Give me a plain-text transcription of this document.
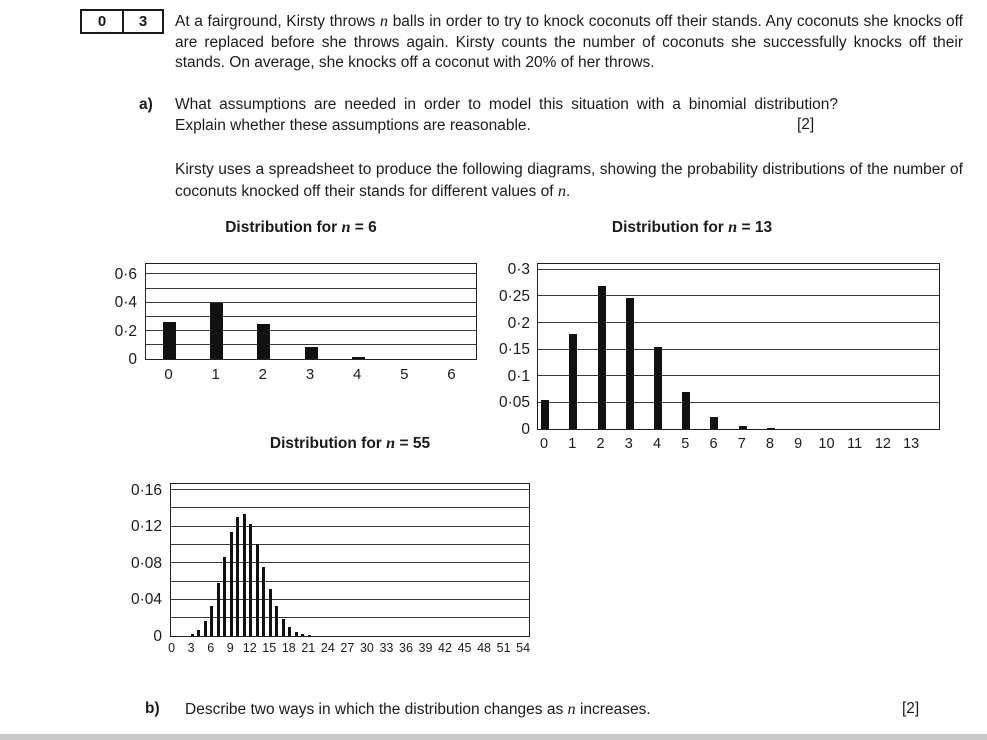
0	3	At a fairground, Kirsty throws n balls in order to try to knock coconuts off their stands. Any coconuts she knocks off are replaced before she throws again. Kirsty counts the number of coconuts she successfully knocks off their stands. On average, she knocks off a coconut with 20% of her throws.
a) What assumptions are needed in order to model this situation with a binomial distribution? Explain whether these assumptions are reasonable.	[2]
Kirsty uses a spreadsheet to produce the following diagrams, showing the probability distributions of the number of coconuts knocked off their stands for different values of n.
Distribution for n = 6
0
0·2
0·4
0·6
0	1	2	3	4	5	6
Distribution for n = 13
0
0·05
0·1
0·15
0·2
0·25
0·3
0 1 2 3 4 5 6 7 8 9 10 11 12 13
Distribution for n = 55
0
0·04
0·08
0·12
0·16
0 3 6 9 12 15 18 21 24 27 30 33 36 39 42 45 48 51 54
b) Describe two ways in which the distribution changes as n increases.	[2]
